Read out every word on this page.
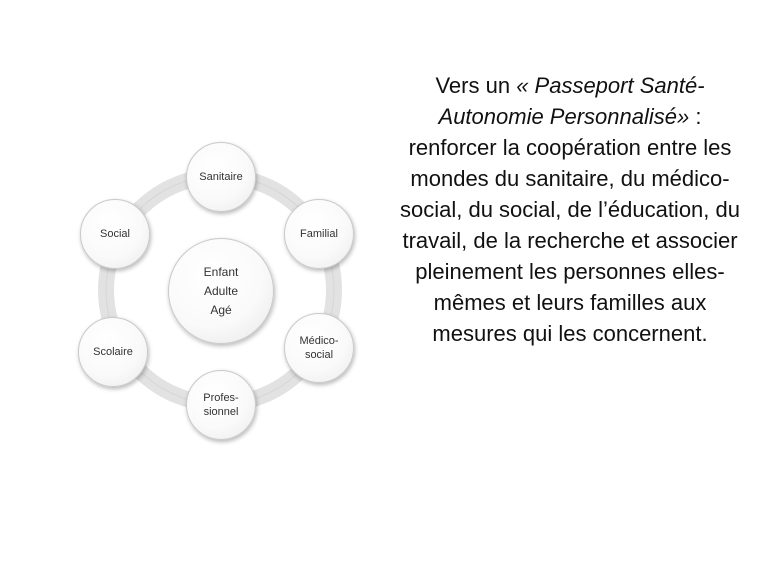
Sanitaire
Familial
Médico-
social
Profes-
sionnel
Scolaire
Social
Enfant
Adulte
Agé
Vers un « Passeport Santé-Autonomie Personnalisé» : renforcer la coopération entre les mondes du sanitaire, du médico-social, du social, de l’éducation, du travail, de la recherche et associer pleinement les personnes elles- mêmes et leurs familles aux mesures qui les concernent.
